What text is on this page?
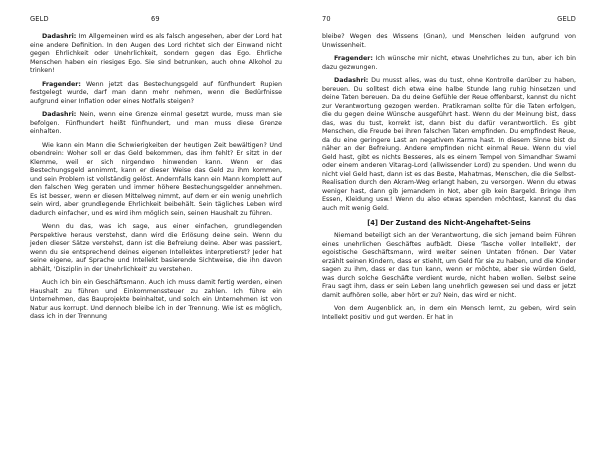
GELD	69

Dadashri: Im Allgemeinen wird es als falsch angesehen, aber der Lord hat eine andere Definition. In den Augen des Lord richtet sich der Einwand nicht gegen Ehrlichkeit oder Unehrlichkeit, sondern gegen das Ego. Ehrliche Menschen haben ein riesiges Ego. Sie sind betrunken, auch ohne Alkohol zu trinken!

Fragender: Wenn jetzt das Bestechungsgeld auf fünfhundert Rupien festgelegt wurde, darf man dann mehr nehmen, wenn die Bedürfnisse aufgrund einer Inflation oder eines Notfalls steigen?

Dadashri: Nein, wenn eine Grenze einmal gesetzt wurde, muss man sie befolgen. Fünfhundert heißt fünfhundert, und man muss diese Grenze einhalten.

Wie kann ein Mann die Schwierigkeiten der heutigen Zeit bewältigen? Und obendrein: Woher soll er das Geld bekommen, das ihm fehlt? Er sitzt in der Klemme, weil er sich nirgendwo hinwenden kann. Wenn er das Bestechungsgeld annimmt, kann er dieser Weise das Geld zu ihm kommen, und sein Problem ist vollständig gelöst. Andernfalls kann ein Mann komplett auf den falschen Weg geraten und immer höhere Bestechungsgelder annehmen. Es ist besser, wenn er diesen Mittelweg nimmt, auf dem er ein wenig unehrlich sein wird, aber grundlegende Ehrlichkeit beibehält. Sein tägliches Leben wird dadurch einfacher, und es wird ihm möglich sein, seinen Haushalt zu führen.

Wenn du das, was ich sage, aus einer einfachen, grundlegenden Perspektive heraus verstehst, dann wird die Erlösung deine sein. Wenn du jeden dieser Sätze verstehst, dann ist die Befreiung deine. Aber was passiert, wenn du sie entsprechend deines eigenen Intellektes interpretierst? Jeder hat seine eigene, auf Sprache und Intellekt basierende Sichtweise, die ihn davon abhält, 'Disziplin in der Unehrlichkeit' zu verstehen.

Auch ich bin ein Geschäftsmann. Auch ich muss damit fertig werden, einen Haushalt zu führen und Einkommenssteuer zu zahlen. Ich führe ein Unternehmen, das Bauprojekte beinhaltet, und solch ein Unternehmen ist von Natur aus korrupt. Und dennoch bleibe ich in der Trennung. Wie ist es möglich, dass ich in der Trennung

70	GELD

bleibe? Wegen des Wissens (Gnan), und Menschen leiden aufgrund von Unwissenheit.

Fragender: Ich wünsche mir nicht, etwas Unehrliches zu tun, aber ich bin dazu gezwungen.

Dadashri: Du musst alles, was du tust, ohne Kontrolle darüber zu haben, bereuen. Du solltest dich etwa eine halbe Stunde lang ruhig hinsetzen und deine Taten bereuen. Da du deine Gefühle der Reue offenbarst, kannst du nicht zur Verantwortung gezogen werden. Pratikraman sollte für die Taten erfolgen, die du gegen deine Wünsche ausgeführt hast. Wenn du der Meinung bist, dass das, was du tust, korrekt ist, dann bist du dafür verantwortlich. Es gibt Menschen, die Freude bei ihren falschen Taten empfinden. Du empfindest Reue, da du eine geringere Last an negativem Karma hast. In diesem Sinne bist du näher an der Befreiung. Andere empfinden nicht einmal Reue. Wenn du viel Geld hast, gibt es nichts Besseres, als es einem Tempel von Simandhar Swami oder einem anderen Vitarag-Lord (allwissender Lord) zu spenden. Und wenn du nicht viel Geld hast, dann ist es das Beste, Mahatmas, Menschen, die die Selbst-Realisation durch den Akram-Weg erlangt haben, zu versorgen. Wenn du etwas weniger hast, dann gib jemandem in Not, aber gib kein Bargeld. Bringe ihm Essen, Kleidung usw.! Wenn du also etwas spenden möchtest, kannst du das auch mit wenig Geld.

[4] Der Zustand des Nicht-Angehaftet-Seins

Niemand beteiligt sich an der Verantwortung, die sich jemand beim Führen eines unehrlichen Geschäftes aufbädt. Diese 'Tasche voller Intellekt', der egoistische Geschäftsmann, wird weiter seinen Untaten frönen. Der Vater erzählt seinen Kindern, dass er stiehlt, um Geld für sie zu haben, und die Kinder sagen zu ihm, dass er das tun kann, wenn er möchte, aber sie würden Geld, was durch solche Geschäfte verdient wurde, nicht haben wollen. Selbst seine Frau sagt ihm, dass er sein Leben lang unehrlich gewesen sei und dass er jetzt damit aufhören solle, aber hört er zu? Nein, das wird er nicht.

Von dem Augenblick an, in dem ein Mensch lernt, zu geben, wird sein Intellekt positiv und gut werden. Er hat in
